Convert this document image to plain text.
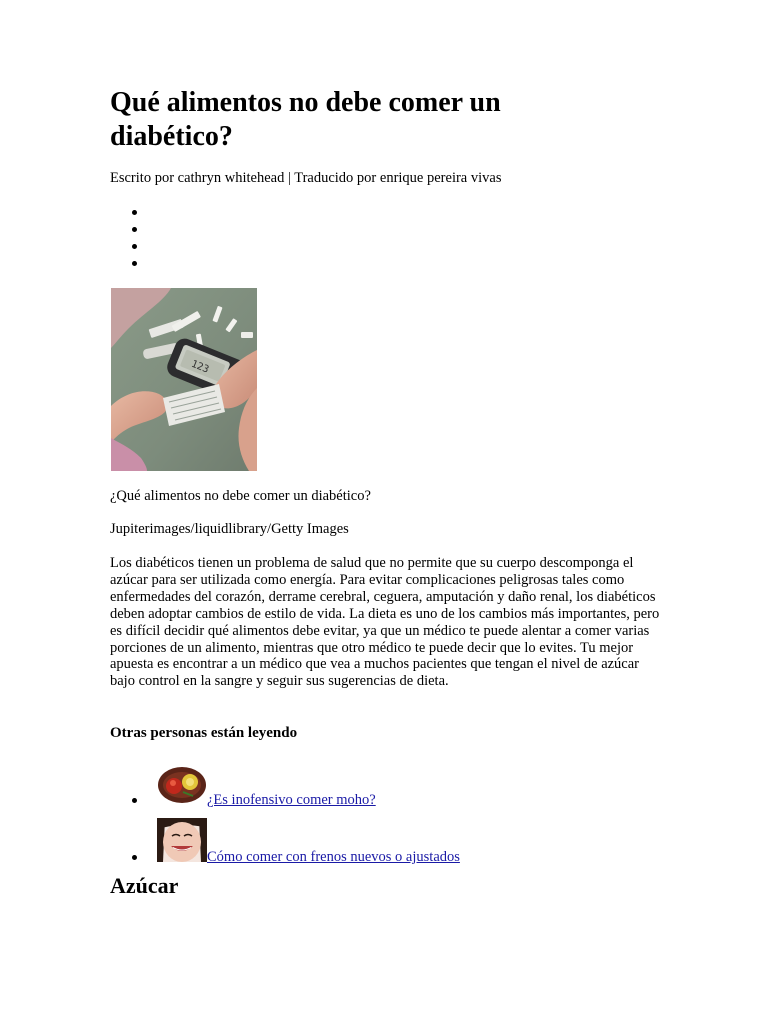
Qué alimentos no debe comer un diabético?
Escrito por cathryn whitehead | Traducido por enrique pereira vivas
123
¿Qué alimentos no debe comer un diabético?
Jupiterimages/liquidlibrary/Getty Images

Los diabéticos tienen un problema de salud que no permite que su cuerpo descomponga el azúcar para ser utilizada como energía. Para evitar complicaciones peligrosas tales como enfermedades del corazón, derrame cerebral, ceguera, amputación y daño renal, los diabéticos deben adoptar cambios de estilo de vida. La dieta es uno de los cambios más importantes, pero es difícil decidir qué alimentos debe evitar, ya que un médico te puede alentar a comer varias porciones de un alimento, mientras que otro médico te puede decir que lo evites. Tu mejor apuesta es encontrar a un médico que vea a muchos pacientes que tengan el nivel de azúcar bajo control en la sangre y seguir sus sugerencias de dieta.

Otras personas están leyendo
¿Es inofensivo comer moho?
Cómo comer con frenos nuevos o ajustados
Azúcar
